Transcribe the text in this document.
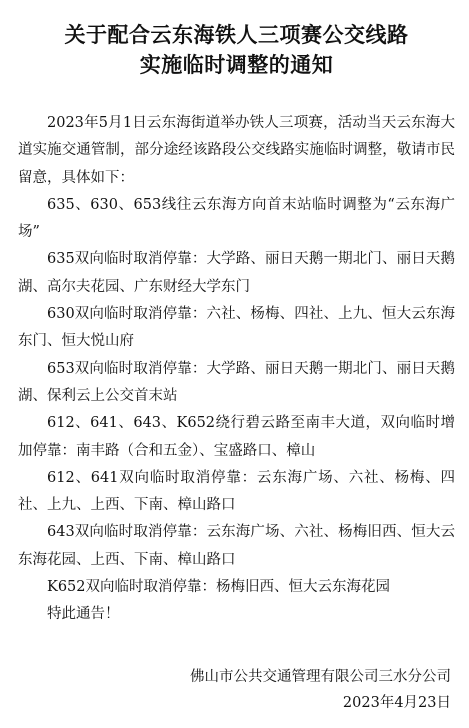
关于配合云东海铁人三项赛公交线路
实施临时调整的通知

2023年5月1日云东海街道举办铁人三项赛，活动当天云东海大道实施交通管制，部分途经该路段公交线路实施临时调整，敬请市民留意，具体如下：

635、630、653线往云东海方向首末站临时调整为“云东海广场”

635双向临时取消停靠：大学路、丽日天鹅一期北门、丽日天鹅湖、高尔夫花园、广东财经大学东门

630双向临时取消停靠：六社、杨梅、四社、上九、恒大云东海东门、恒大悦山府

653双向临时取消停靠：大学路、丽日天鹅一期北门、丽日天鹅湖、保利云上公交首末站

612、641、643、K652绕行碧云路至南丰大道，双向临时增加停靠：南丰路（合和五金）、宝盛路口、樟山

612、641双向临时取消停靠：云东海广场、六社、杨梅、四社、上九、上西、下南、樟山路口

643双向临时取消停靠：云东海广场、六社、杨梅旧西、恒大云东海花园、上西、下南、樟山路口

K652双向临时取消停靠：杨梅旧西、恒大云东海花园

特此通告！

佛山市公共交通管理有限公司三水分公司
2023年4月23日
